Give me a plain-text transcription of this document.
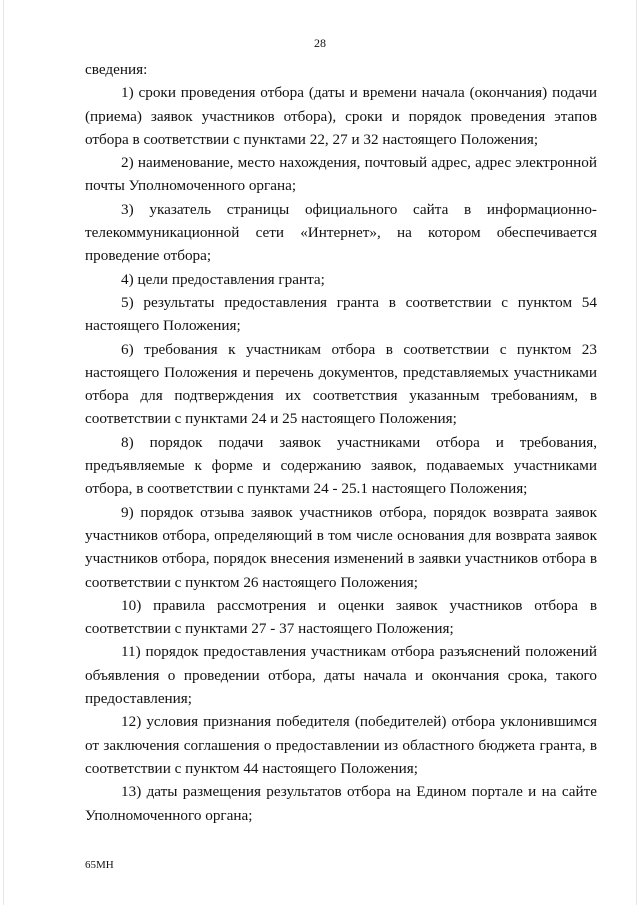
28

сведения:

1) сроки проведения отбора (даты и времени начала (окончания) подачи (приема) заявок участников отбора), сроки и порядок проведения этапов отбора в соответствии с пунктами 22, 27 и 32 настоящего Положения;

2) наименование, место нахождения, почтовый адрес, адрес электронной почты Уполномоченного органа;

3) указатель страницы официального сайта в информационно-телекоммуникационной сети «Интернет», на котором обеспечивается проведение отбора;

4) цели предоставления гранта;

5) результаты предоставления гранта в соответствии с пунктом 54 настоящего Положения;

6) требования к участникам отбора в соответствии с пунктом 23 настоящего Положения и перечень документов, представляемых участниками отбора для подтверждения их соответствия указанным требованиям, в соответствии с пунктами 24 и 25 настоящего Положения;

8) порядок подачи заявок участниками отбора и требования, предъявляемые к форме и содержанию заявок, подаваемых участниками отбора, в соответствии с пунктами 24 - 25.1 настоящего Положения;

9) порядок отзыва заявок участников отбора, порядок возврата заявок участников отбора, определяющий в том числе основания для возврата заявок участников отбора, порядок внесения изменений в заявки участников отбора в соответствии с пунктом 26 настоящего Положения;

10) правила рассмотрения и оценки заявок участников отбора в соответствии с пунктами 27 - 37 настоящего Положения;

11) порядок предоставления участникам отбора разъяснений положений объявления о проведении отбора, даты начала и окончания срока, такого предоставления;

12) условия признания победителя (победителей) отбора уклонившимся от заключения соглашения о предоставлении из областного бюджета гранта, в соответствии с пунктом 44 настоящего Положения;

13) даты размещения результатов отбора на Едином портале и на сайте Уполномоченного органа;

65МН
